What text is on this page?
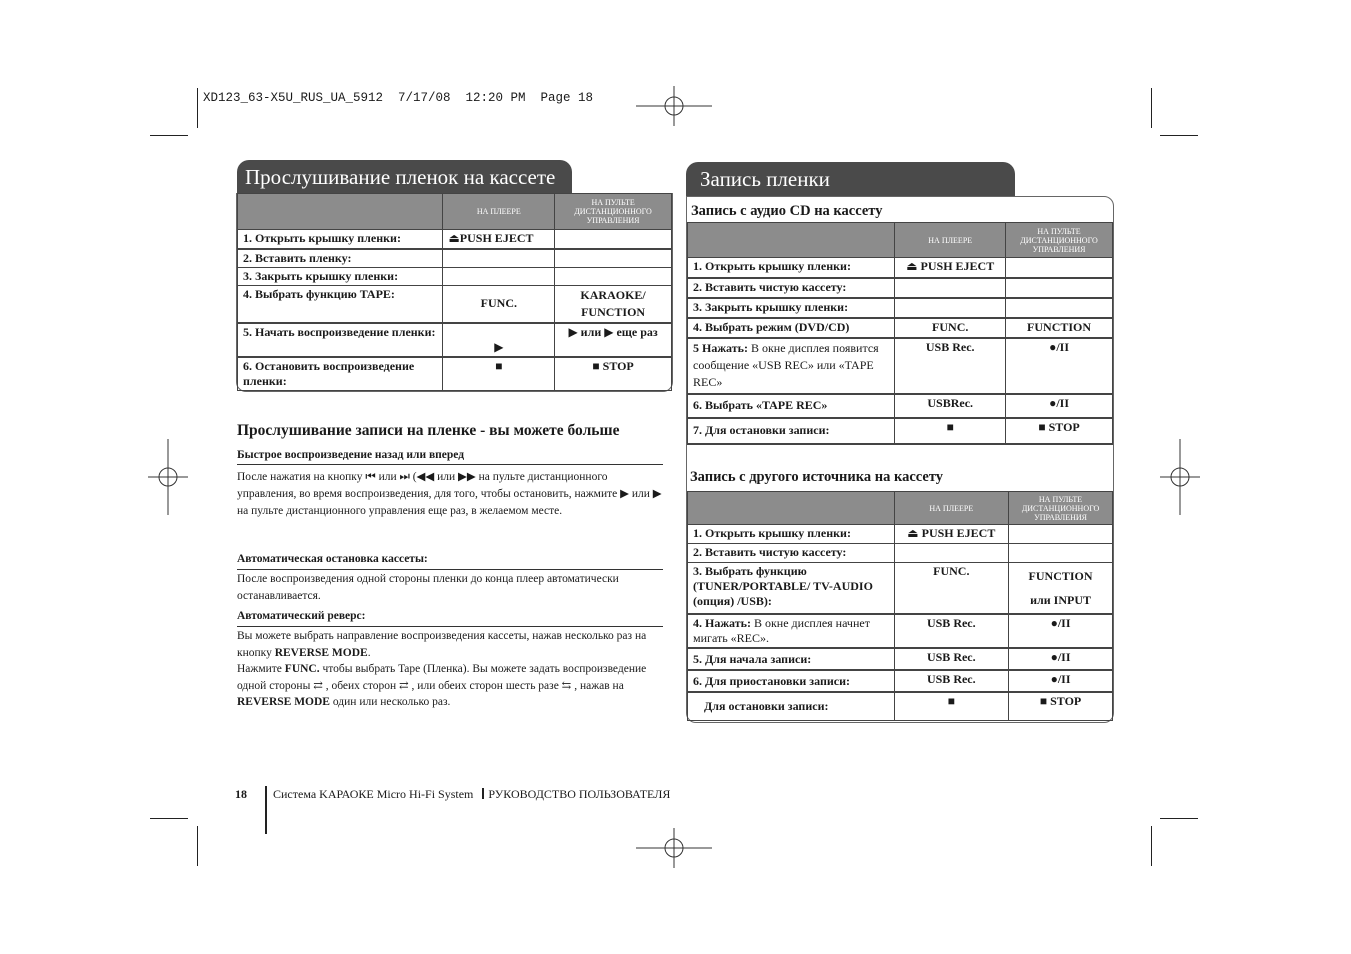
XD123_63-X5U_RUS_UA_5912  7/17/08  12:20 PM  Page 18
Прослушивание пленок на кассете
	НА ПЛЕЕРЕ	НА ПУЛЬТЕ ДИСТАНЦИОННОГО УПРАВЛЕНИЯ
1. Открыть крышку пленки:	⏏PUSH EJECT	
2. Вставить пленку:		
3. Закрыть крышку пленки:		
4. Выбрать функцию TAPE:	FUNC.	KARAOKE/ FUNCTION
5. Начать воспроизведение пленки:	▶	▶ или ▶ еще раз
6. Остановить воспроизведение пленки:	■	■ STOP
Прослушивание записи на пленке - вы можете больше
Быстрое воспроизведение назад или вперед
После нажатия на кнопку ⏮ или ⏭ (◀◀ или ▶▶ на пульте дистанционного управления, во время воспроизведения, для того, чтобы остановить, нажмите ▶ или ▶ на пульте дистанционного управления еще раз, в желаемом месте.
Автоматическая остановка кассеты:
После воспроизведения одной стороны пленки до конца плеер автоматически останавливается.
Автоматический реверс:
Вы можете выбрать направление воспроизведения кассеты, нажав несколько раз на кнопку REVERSE MODE.
Нажмите FUNC. чтобы выбрать Tape (Пленка). Вы можете задать воспроизведение одной стороны ⇄ , обеих сторон ⇄ , или обеих сторон шесть разе ⇆ , нажав на REVERSE MODE один или несколько раз.
Запись пленки
Запись с аудио CD на кассету
	НА ПЛЕЕРЕ	НА ПУЛЬТЕ ДИСТАНЦИОННОГО УПРАВЛЕНИЯ
1. Открыть крышку пленки:	⏏ PUSH EJECT	
2. Вставить чистую кассету:		
3. Закрыть крышку пленки:		
4. Выбрать режим (DVD/CD)	FUNC.	FUNCTION
5 Нажать: В окне дисплея появится сообщение «USB REC» или «TAPE REC»	USB Rec.	●/II
6. Выбрать «TAPE REC»	USBRec.	●/II
7. Для остановки записи:	■	■ STOP
Запись с другого источника на кассету
	НА ПЛЕЕРЕ	НА ПУЛЬТЕ ДИСТАНЦИОННОГО УПРАВЛЕНИЯ
1. Открыть крышку пленки:	⏏ PUSH EJECT	
2. Вставить чистую кассету:		
3. Выбрать функцию (TUNER/PORTABLE/ TV-AUDIO (опция) /USB):	FUNC.	FUNCTION
или INPUT
4. Нажать: В окне дисплея начнет мигать «REC».	USB Rec.	●/II
5. Для начала записи:	USB Rec.	●/II
6. Для приостановки записи:	USB Rec.	●/II
Для остановки записи:	■	■ STOP
18 Система KАРАОКЕ Micro Hi-Fi System РУКОВОДСТВО ПОЛЬЗОВАТЕЛЯ
